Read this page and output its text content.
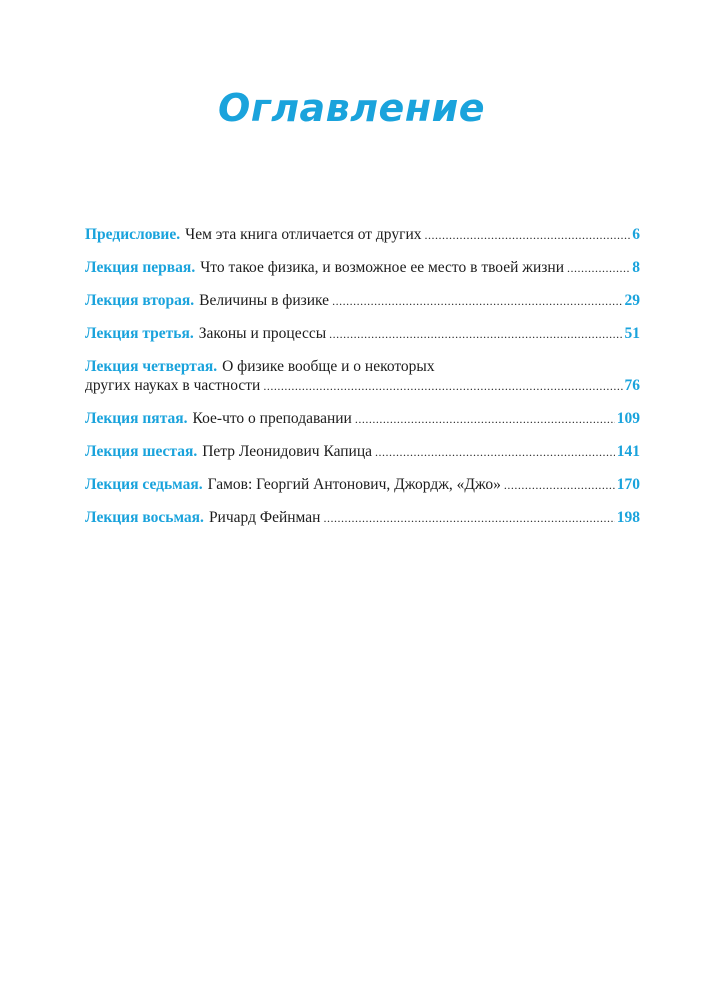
Оглавление
Предисловие. Чем эта книга отличается от других .....	6
Лекция первая. Что такое физика, и возможное ее место в твоей жизни .....	8
Лекция вторая. Величины в физике .....	29
Лекция третья. Законы и процессы .....	51
Лекция четвертая. О физике вообще и о некоторых
других науках в частности .....	76
Лекция пятая. Кое-что о преподавании .....	109
Лекция шестая. Петр Леонидович Капица .....	141
Лекция седьмая. Гамов: Георгий Антонович, Джордж, «Джо» .....	170
Лекция восьмая. Ричард Фейнман .....	198
